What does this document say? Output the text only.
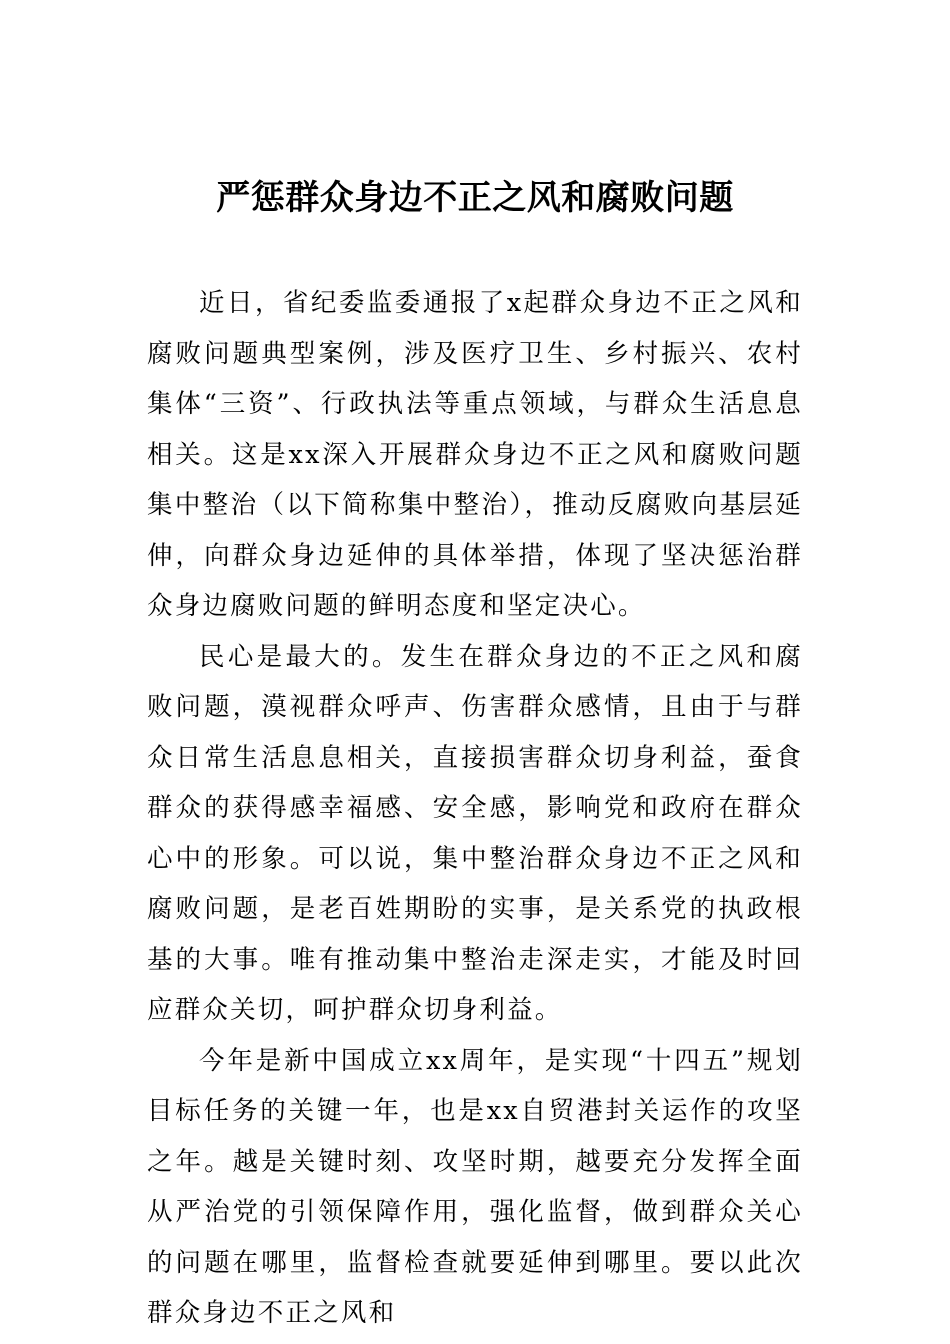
严惩群众身边不正之风和腐败问题

近日，省纪委监委通报了x起群众身边不正之风和腐败问题典型案例，涉及医疗卫生、乡村振兴、农村集体“三资”、行政执法等重点领域，与群众生活息息相关。这是xx深入开展群众身边不正之风和腐败问题集中整治（以下简称集中整治），推动反腐败向基层延伸，向群众身边延伸的具体举措，体现了坚决惩治群众身边腐败问题的鲜明态度和坚定决心。

民心是最大的。发生在群众身边的不正之风和腐败问题，漠视群众呼声、伤害群众感情，且由于与群众日常生活息息相关，直接损害群众切身利益，蚕食群众的获得感幸福感、安全感，影响党和政府在群众心中的形象。可以说，集中整治群众身边不正之风和腐败问题，是老百姓期盼的实事，是关系党的执政根基的大事。唯有推动集中整治走深走实，才能及时回应群众关切，呵护群众切身利益。

今年是新中国成立xx周年，是实现“十四五”规划目标任务的关键一年，也是xx自贸港封关运作的攻坚之年。越是关键时刻、攻坚时期，越要充分发挥全面从严治党的引领保障作用，强化监督，做到群众关心的问题在哪里，监督检查就要延伸到哪里。要以此次群众身边不正之风和
